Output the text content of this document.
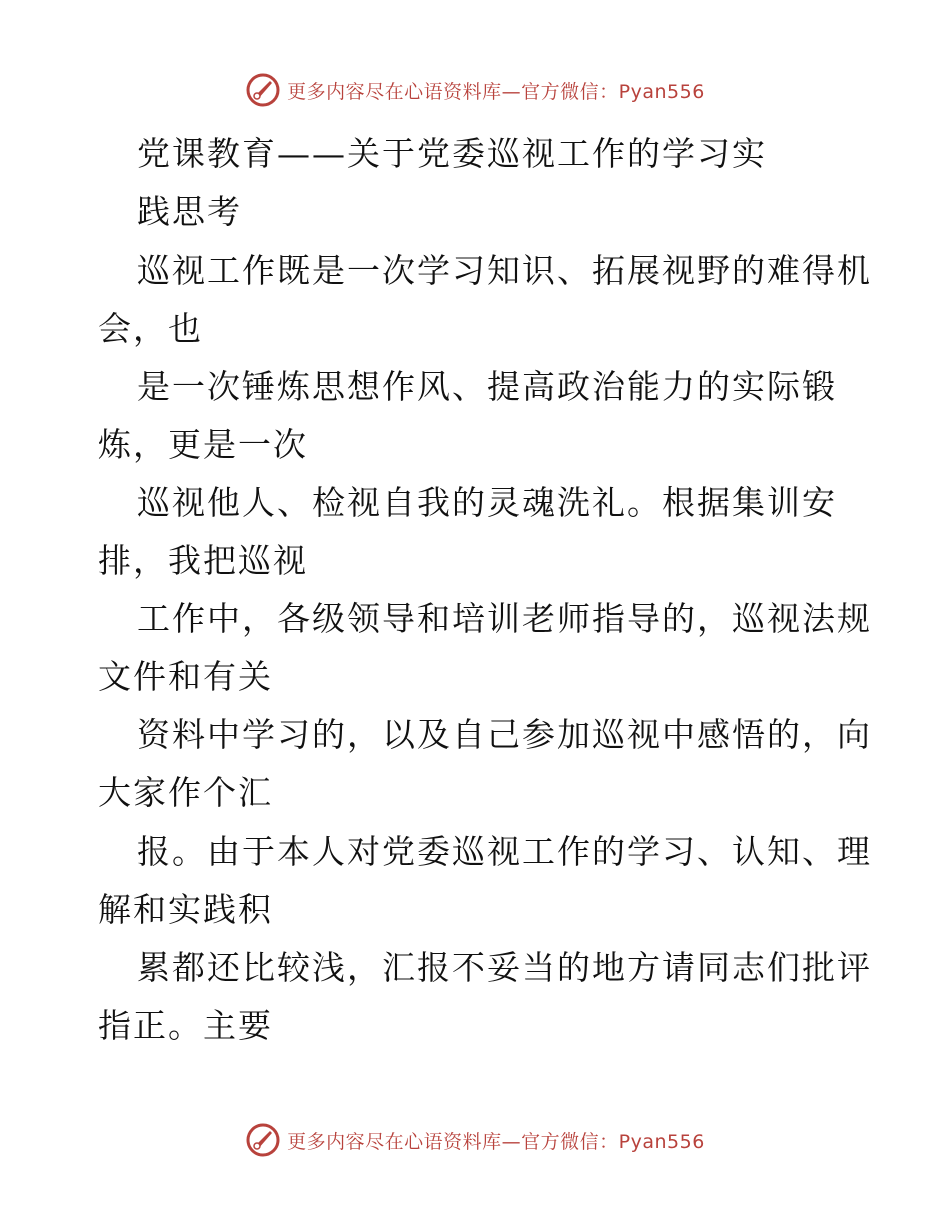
更多内容尽在心语资料库—官方微信：Pyan556
党课教育——关于党委巡视工作的学习实
践思考
巡视工作既是一次学习知识、拓展视野的难得机
会，也
是一次锤炼思想作风、提高政治能力的实际锻
炼，更是一次
巡视他人、检视自我的灵魂洗礼。根据集训安
排，我把巡视
工作中，各级领导和培训老师指导的，巡视法规
文件和有关
资料中学习的，以及自己参加巡视中感悟的，向
大家作个汇
报。由于本人对党委巡视工作的学习、认知、理
解和实践积
累都还比较浅，汇报不妥当的地方请同志们批评
指正。主要
更多内容尽在心语资料库—官方微信：Pyan556
